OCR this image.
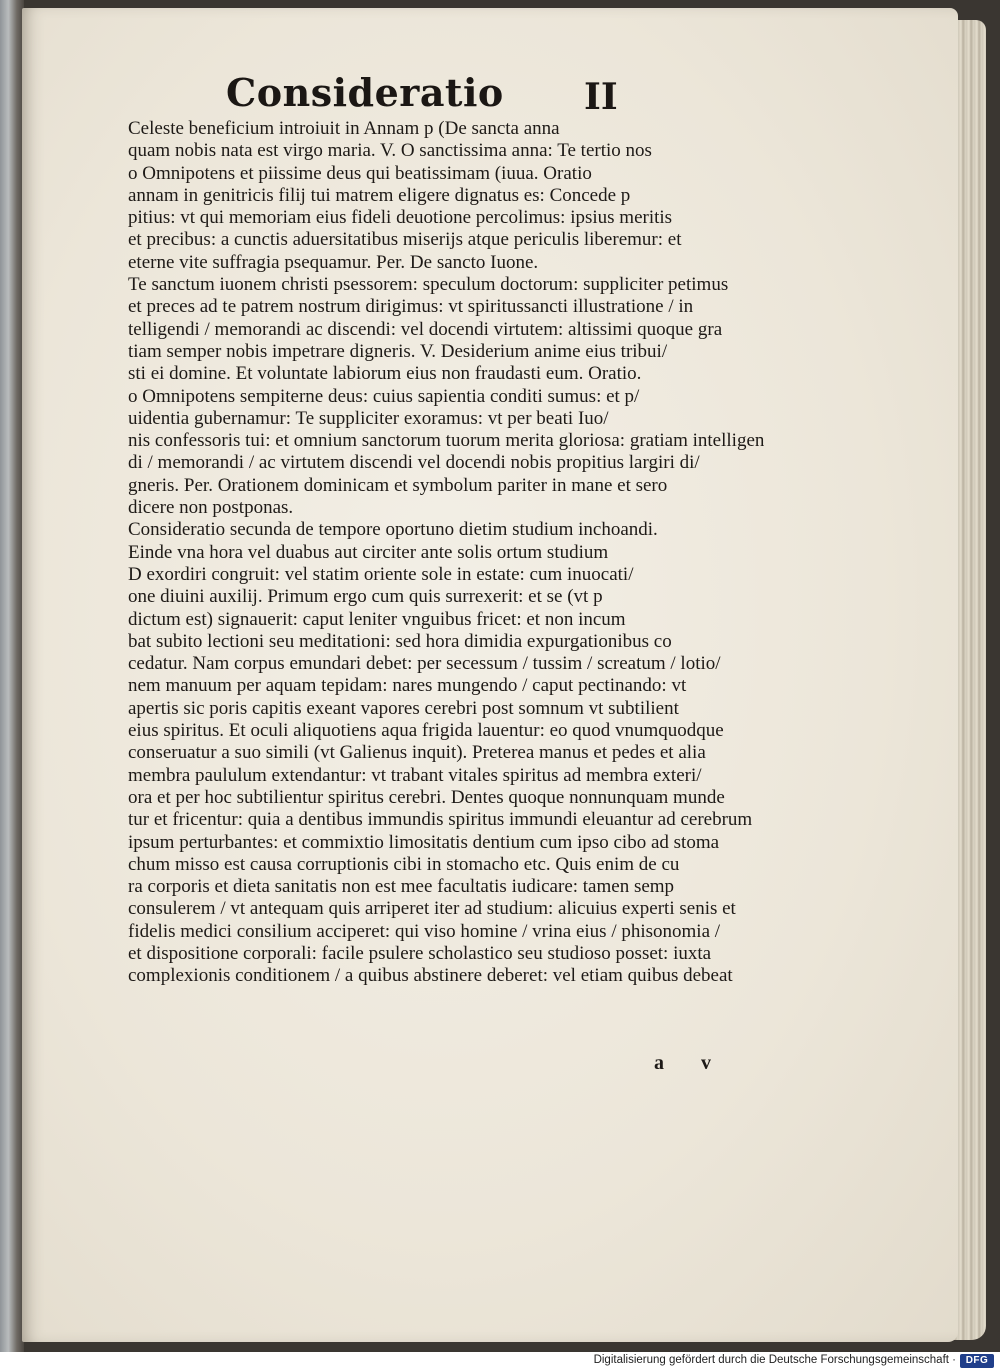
Consideratio II
Celeste beneficium introiuit in Annam p (De sancta anna
quam nobis nata est virgo maria. V. O sanctissima anna: Te tertio nos
o Omnipotens et piissime deus qui beatissimam (iuua. Oratio
annam in genitricis filij tui matrem eligere dignatus es: Concede p
pitius: vt qui memoriam eius fideli deuotione percolimus: ipsius meritis
et precibus: a cunctis aduersitatibus miserijs atque periculis liberemur: et
eterne vite suffragia psequamur. Per. De sancto Iuone.
Te sanctum iuonem christi psessorem: speculum doctorum: suppliciter petimus
et preces ad te patrem nostrum dirigimus: vt spiritussancti illustratione / in
telligendi / memorandi ac discendi: vel docendi virtutem: altissimi quoque gra
tiam semper nobis impetrare digneris. V. Desiderium anime eius tribui/
sti ei domine. Et voluntate labiorum eius non fraudasti eum. Oratio.
o Omnipotens sempiterne deus: cuius sapientia conditi sumus: et p/
uidentia gubernamur: Te suppliciter exoramus: vt per beati Iuo/
nis confessoris tui: et omnium sanctorum tuorum merita gloriosa: gratiam intelligen
di / memorandi / ac virtutem discendi vel docendi nobis propitius largiri di/
gneris. Per. Orationem dominicam et symbolum pariter in mane et sero
dicere non postponas.
Consideratio secunda de tempore oportuno dietim studium inchoandi.
Einde vna hora vel duabus aut circiter ante solis ortum studium
D exordiri congruit: vel statim oriente sole in estate: cum inuocati/
one diuini auxilij. Primum ergo cum quis surrexerit: et se (vt p
dictum est) signauerit: caput leniter vnguibus fricet: et non incum
bat subito lectioni seu meditationi: sed hora dimidia expurgationibus co
cedatur. Nam corpus emundari debet: per secessum / tussim / screatum / lotio/
nem manuum per aquam tepidam: nares mungendo / caput pectinando: vt
apertis sic poris capitis exeant vapores cerebri post somnum vt subtilient
eius spiritus. Et oculi aliquotiens aqua frigida lauentur: eo quod vnumquodque
conseruatur a suo simili (vt Galienus inquit). Preterea manus et pedes et alia
membra paululum extendantur: vt trabant vitales spiritus ad membra exteri/
ora et per hoc subtilientur spiritus cerebri. Dentes quoque nonnunquam munde
tur et fricentur: quia a dentibus immundis spiritus immundi eleuantur ad cerebrum
ipsum perturbantes: et commixtio limositatis dentium cum ipso cibo ad stoma
chum misso est causa corruptionis cibi in stomacho etc. Quis enim de cu
ra corporis et dieta sanitatis non est mee facultatis iudicare: tamen semp
consulerem / vt antequam quis arriperet iter ad studium: alicuius experti senis et
fidelis medici consilium acciperet: qui viso homine / vrina eius / phisonomia /
et dispositione corporali: facile psulere scholastico seu studioso posset: iuxta
complexionis conditionem / a quibus abstinere deberet: vel etiam quibus debeat
a v
Digitalisierung gefördert durch die Deutsche Forschungsgemeinschaft · DFG
